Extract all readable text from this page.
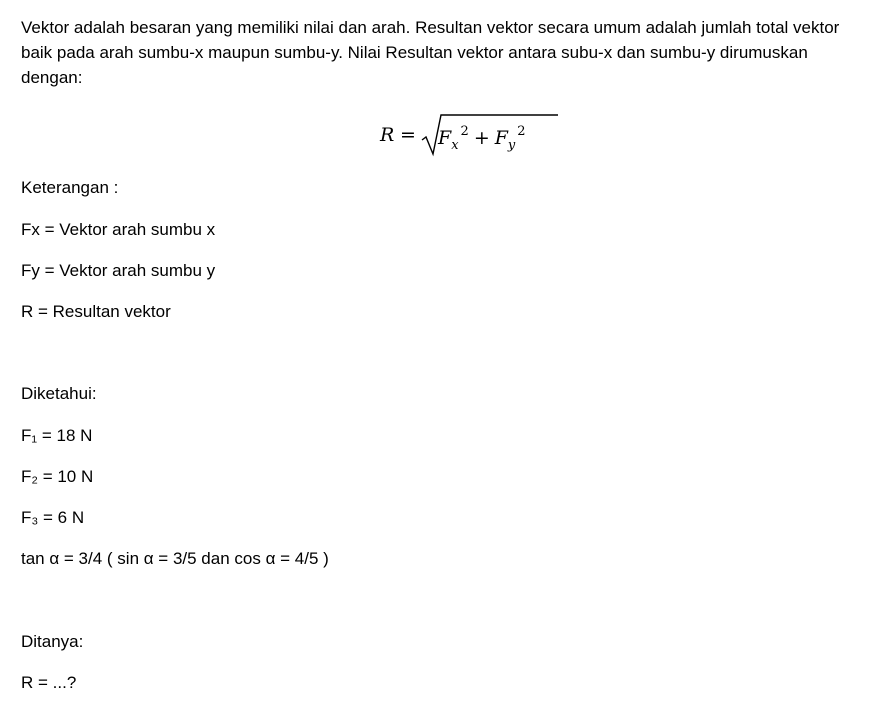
Vektor adalah besaran yang memiliki nilai dan arah. Resultan vektor secara umum adalah jumlah total vektor baik pada arah sumbu-x maupun sumbu-y. Nilai Resultan vektor antara subu-x dan sumbu-y dirumuskan dengan:

$R = F_x^2 + F_y^2$

Keterangan :

Fx = Vektor arah sumbu x

Fy = Vektor arah sumbu y

R = Resultan vektor

Diketahui:

F₁ = 18 N

F₂ = 10 N

F₃ = 6 N

tan α = 3/4 ( sin α = 3/5 dan cos α = 4/5 )

Ditanya:

R = ...?
